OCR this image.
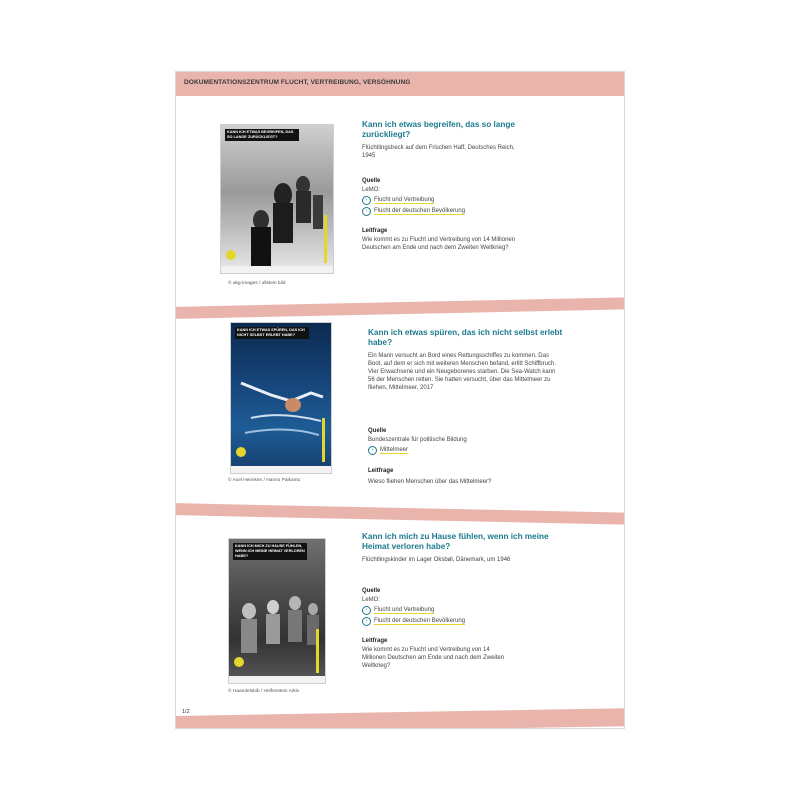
DOKUMENTATIONSZENTRUM FLUCHT, VERTREIBUNG, VERSÖHNUNG
KANN ICH ETWAS BEGREIFEN, DAS SO LANGE ZURÜCKLIEGT?
© akg-images / ullstein bild
Kann ich etwas begreifen, das so lange zurückliegt?
Flüchtlingstreck auf dem Frischen Haff, Deutsches Reich, 1945
Quelle
LeMO:
›	Flucht und Vertreibung
›	Flucht der deutschen Bevölkerung
Leitfrage
Wie kommt es zu Flucht und Vertreibung von 14 Millionen Deutschen am Ende und nach dem Zweiten Weltkrieg?
KANN ICH ETWAS SPÜREN, DAS ICH NICHT SELBST ERLEBT HABE?
© Axel Heimken / Hanno Paikantu
Kann ich etwas spüren, das ich nicht selbst erlebt habe?
Ein Mann versucht an Bord eines Rettungsschiffes zu kommen. Das Boot, auf dem er sich mit weiteren Menschen befand, erlitt Schiffbruch. Vier Erwachsene und ein Neugeborenes starben. Die Sea-Watch kann 56 der Menschen retten. Sie hatten versucht, über das Mittelmeer zu fliehen, Mittelmeer, 2017
Quelle
Bundeszentrale für politische Bildung
›	Mittelmeer
Leitfrage
Wieso fliehen Menschen über das Mittelmeer?
KANN ICH MICH ZU HAUSE FÜHLEN, WENN ICH MEINE HEIMAT VERLOREN HABE?
© Haandelsbib / Helfenstein Arkiv
Kann ich mich zu Hause fühlen, wenn ich meine Heimat verloren habe?
Flüchtlingskinder im Lager Oksbøl, Dänemark, um 1946
Quelle
LeMO:
›	Flucht und Vertreibung
›	Flucht der deutschen Bevölkerung
Leitfrage
Wie kommt es zu Flucht und Vertreibung von 14 Millionen Deutschen am Ende und nach dem Zweiten Weltkrieg?
1/2
